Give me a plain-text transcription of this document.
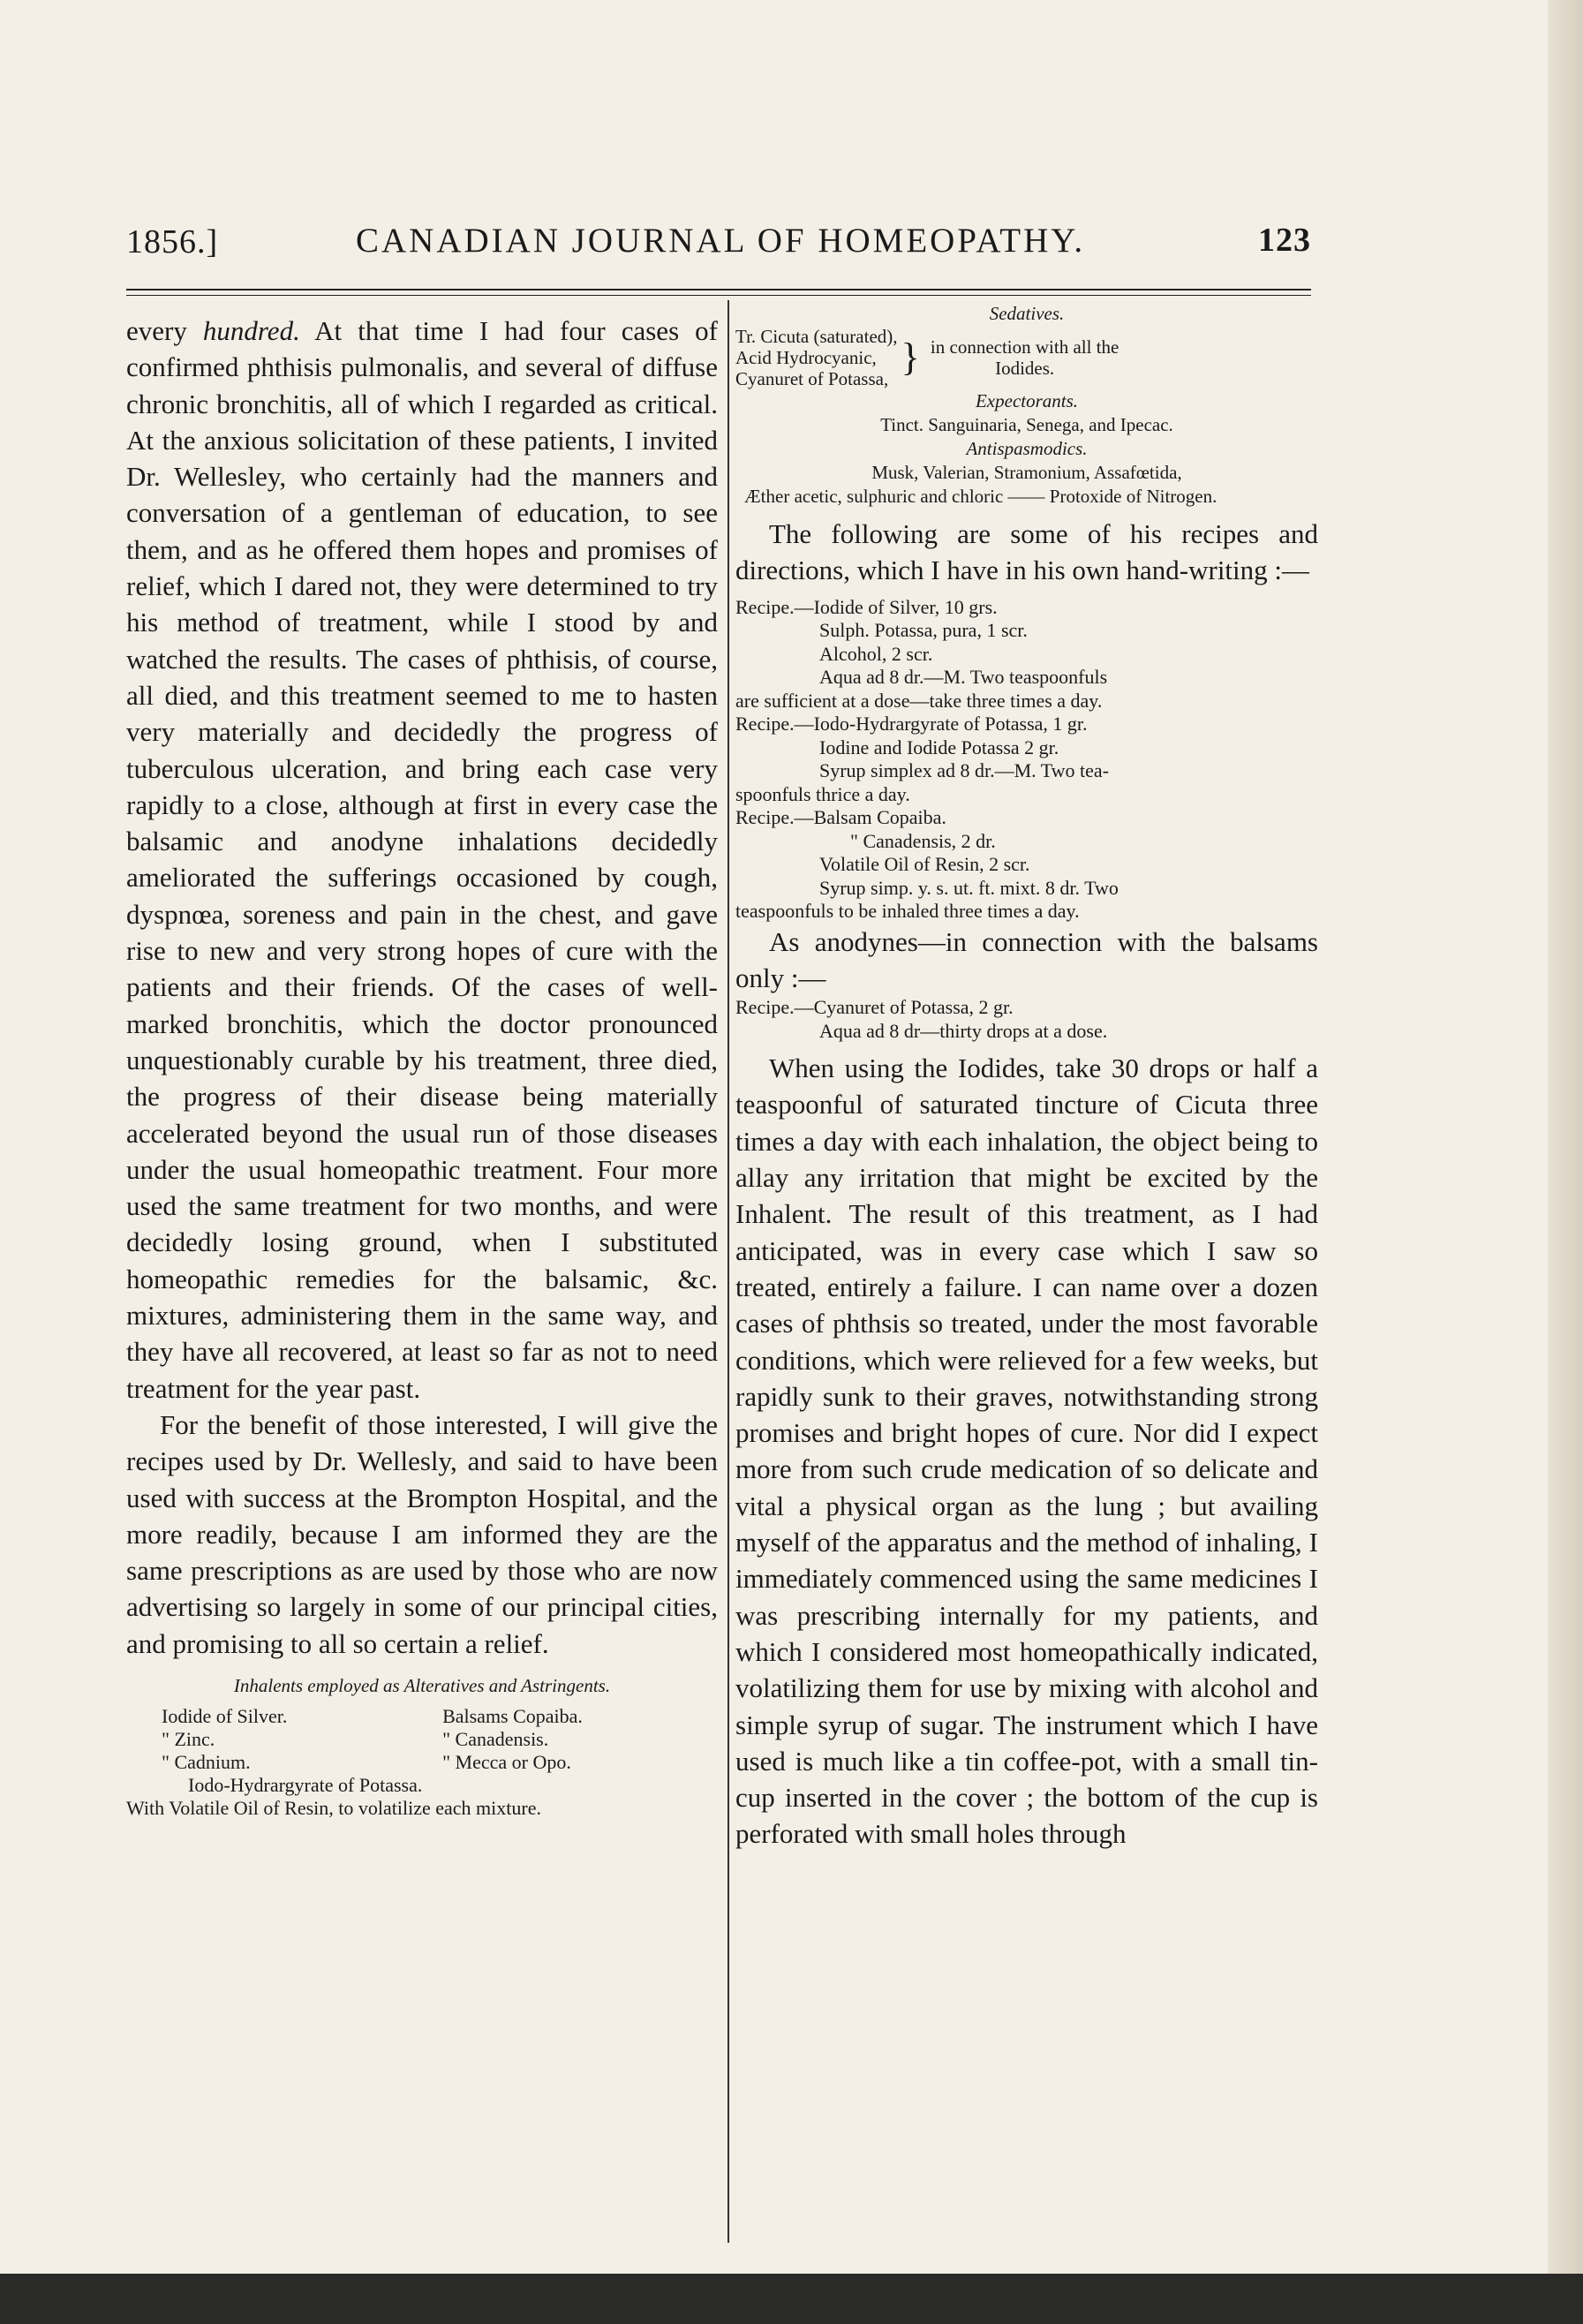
1856.]	CANADIAN JOURNAL OF HOMEOPATHY.	123

every hundred. At that time I had four cases of confirmed phthisis pulmonalis, and several of diffuse chronic bronchitis, all of which I regarded as critical. At the anxious solicitation of these patients, I invited Dr. Wellesley, who certainly had the manners and conversation of a gentleman of education, to see them, and as he offered them hopes and promises of relief, which I dared not, they were determined to try his method of treatment, while I stood by and watched the results. The cases of phthisis, of course, all died, and this treatment seemed to me to hasten very materially and decidedly the progress of tuberculous ulceration, and bring each case very rapidly to a close, although at first in every case the balsamic and anodyne inhalations decidedly ameliorated the sufferings occasioned by cough, dyspnœa, soreness and pain in the chest, and gave rise to new and very strong hopes of cure with the patients and their friends. Of the cases of well-marked bronchitis, which the doctor pronounced unquestionably curable by his treatment, three died, the progress of their disease being materially accelerated beyond the usual run of those diseases under the usual homeopathic treatment. Four more used the same treatment for two months, and were decidedly losing ground, when I substituted homeopathic remedies for the balsamic, &c. mixtures, administering them in the same way, and they have all recovered, at least so far as not to need treatment for the year past.

For the benefit of those interested, I will give the recipes used by Dr. Wellesly, and said to have been used with success at the Brompton Hospital, and the more readily, because I am informed they are the same prescriptions as are used by those who are now advertising so largely in some of our principal cities, and promising to all so certain a relief.

Inhalents employed as Alteratives and Astringents.
Iodide of Silver.	Balsams Copaiba.
" Zinc.	" Canadensis.
" Cadnium.	" Mecca or Opo.
Iodo-Hydrargyrate of Potassa.
With Volatile Oil of Resin, to volatilize each mixture.
Sedatives.
Tr. Cicuta (saturated),
Acid Hydrocyanic,
Cyanuret of Potassa, } in connection with all the Iodides.
Expectorants.
Tinct. Sanguinaria, Senega, and Ipecac.
Antispasmodics.
Musk, Valerian, Stramonium, Assafœtida,
Æther acetic, sulphuric and chloric —— Protoxide of Nitrogen.

The following are some of his recipes and directions, which I have in his own hand-writing :—

Recipe.—Iodide of Silver, 10 grs.
Sulph. Potassa, pura, 1 scr.
Alcohol, 2 scr.
Aqua ad 8 dr.—M. Two teaspoonfuls
are sufficient at a dose—take three times a day.
Recipe.—Iodo-Hydrargyrate of Potassa, 1 gr.
Iodine and Iodide Potassa 2 gr.
Syrup simplex ad 8 dr.—M. Two tea-
spoonfuls thrice a day.
Recipe.—Balsam Copaiba.
" Canadensis, 2 dr.
Volatile Oil of Resin, 2 scr.
Syrup simp. y. s. ut. ft. mixt. 8 dr. Two
teaspoonfuls to be inhaled three times a day.

As anodynes—in connection with the balsams only :—

Recipe.—Cyanuret of Potassa, 2 gr.
Aqua ad 8 dr—thirty drops at a dose.

When using the Iodides, take 30 drops or half a teaspoonful of saturated tincture of Cicuta three times a day with each inhalation, the object being to allay any irritation that might be excited by the Inhalent. The result of this treatment, as I had anticipated, was in every case which I saw so treated, entirely a failure. I can name over a dozen cases of phthsis so treated, under the most favorable conditions, which were relieved for a few weeks, but rapidly sunk to their graves, notwithstanding strong promises and bright hopes of cure. Nor did I expect more from such crude medication of so delicate and vital a physical organ as the lung ; but availing myself of the apparatus and the method of inhaling, I immediately commenced using the same medicines I was prescribing internally for my patients, and which I considered most homeopathically indicated, volatilizing them for use by mixing with alcohol and simple syrup of sugar. The instrument which I have used is much like a tin coffee-pot, with a small tin-cup inserted in the cover ; the bottom of the cup is perforated with small holes through
